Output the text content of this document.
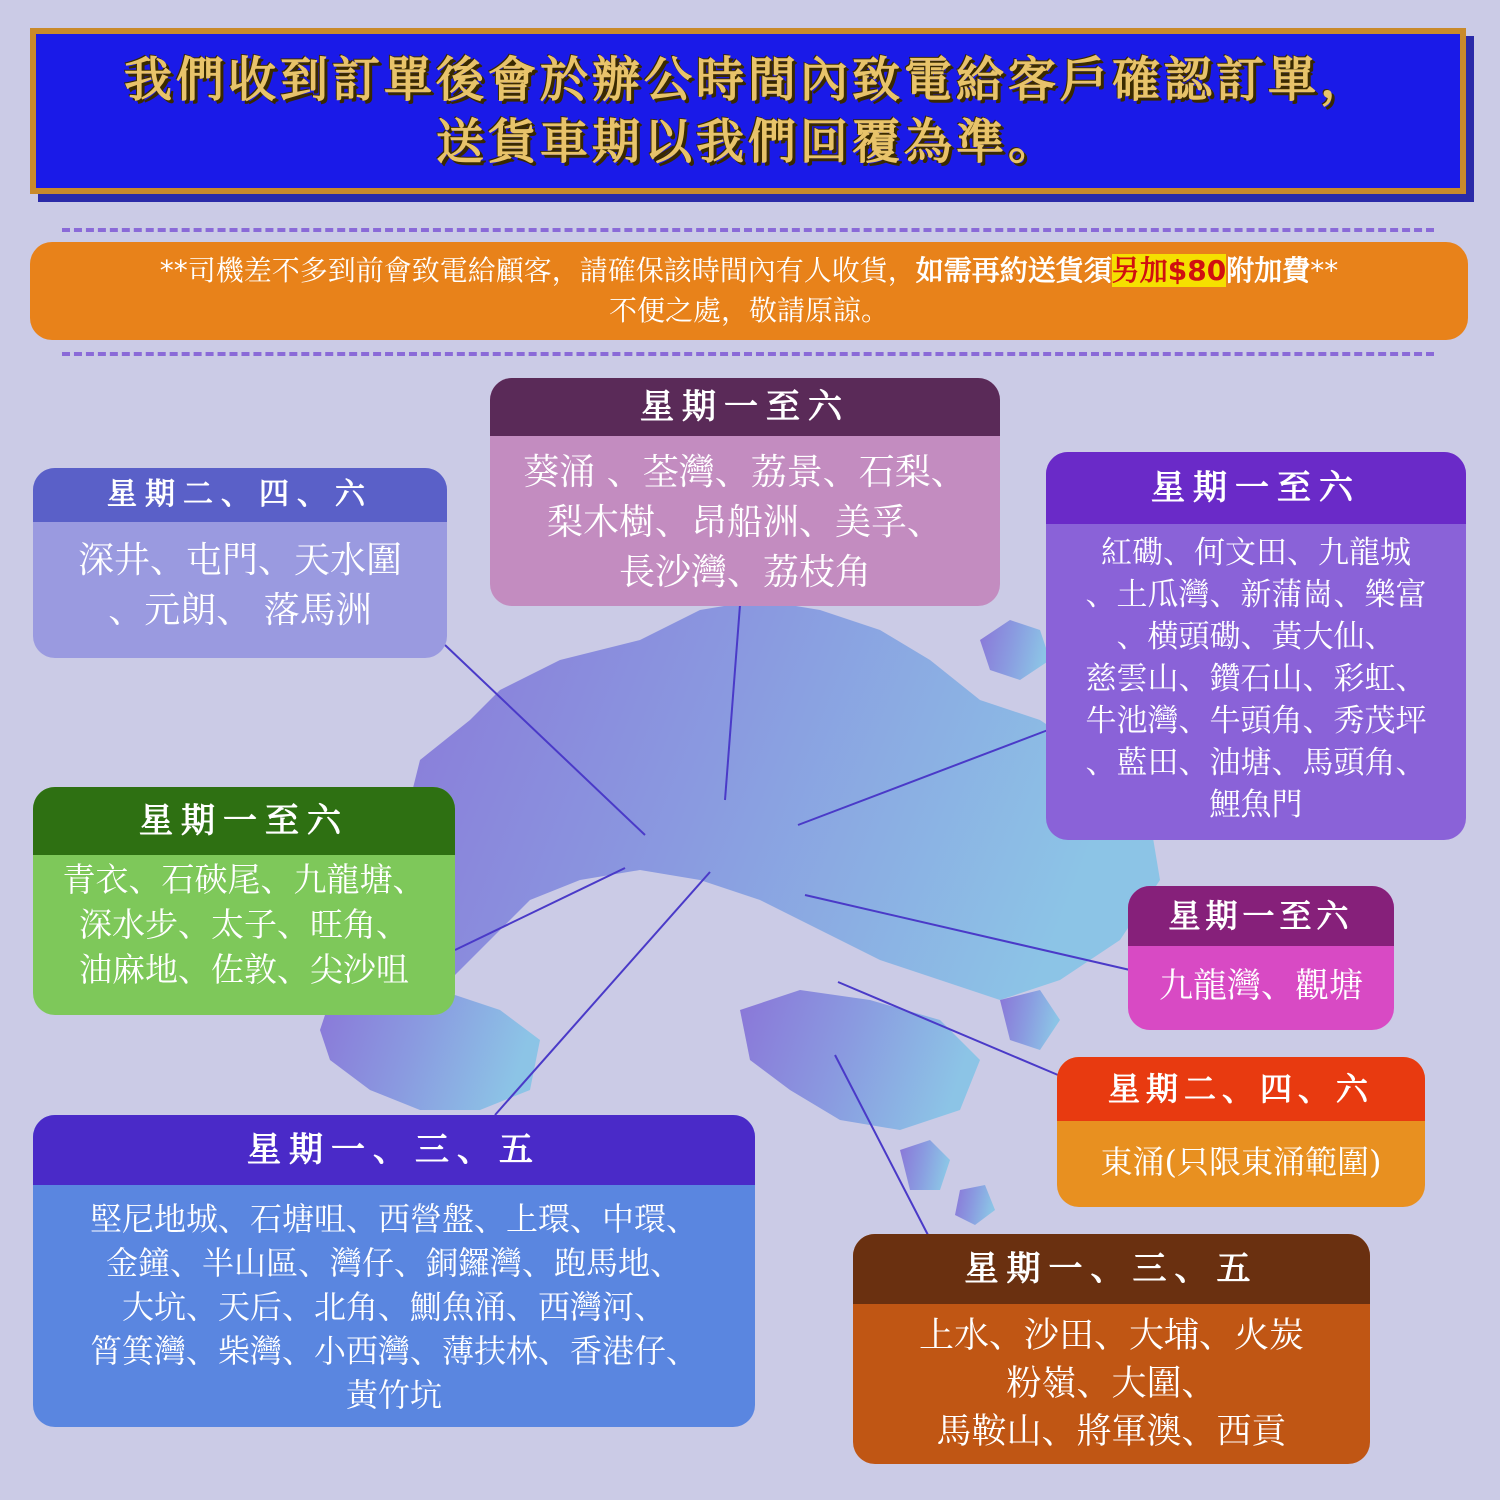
我們收到訂單後會於辦公時間內致電給客戶確認訂單，
送貨車期以我們回覆為準。
**司機差不多到前會致電給顧客，請確保該時間內有人收貨，如需再約送貨須另加$80附加費**
不便之處，敬請原諒。
星期一至六
葵涌 、荃灣、荔景、石梨、
梨木樹、昂船洲、美孚、
長沙灣、荔枝角
星期二、四、六
深井、屯門、天水圍
、元朗、 落馬洲
星期一至六
紅磡、何文田、九龍城
、土瓜灣、新蒲崗、樂富
、横頭磡、黃大仙、
慈雲山、鑽石山、彩虹、
牛池灣、牛頭角、秀茂坪
、藍田、油塘、馬頭角、
鯉魚門
星期一至六
青衣、石硤尾、九龍塘、
深水步、太子、旺角、
油麻地、佐敦、尖沙咀
星期一至六
九龍灣、觀塘
星期二、四、六
東涌(只限東涌範圍)
星期一、三、五
堅尼地城、石塘咀、西營盤、上環、中環、
金鐘、半山區、灣仔、銅鑼灣、跑馬地、
大坑、天后、北角、鰂魚涌、西灣河、
筲箕灣、柴灣、小西灣、薄扶林、香港仔、
黃竹坑
星期一、三、五
上水、沙田、大埔、火炭
粉嶺、大圍、
馬鞍山、將軍澳、西貢
